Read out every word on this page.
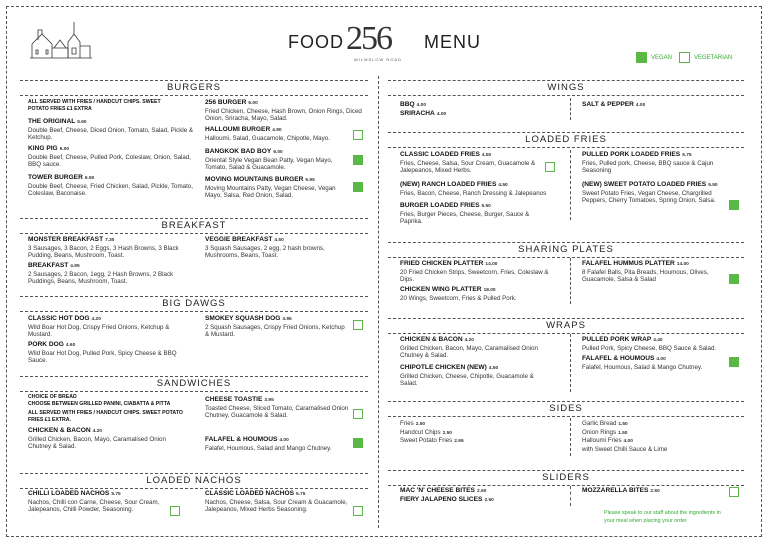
FOOD 256
WILMSLOW ROAD
MENU
VEGAN	VEGETARIAN
BURGERS
ALL SERVED WITH FRIES / HANDCUT CHIPS. SWEET POTATO FRIES £1 EXTRA
THE ORIGINAL 5.60
Double Beef, Cheese, Diced Onion, Tomato, Salad, Pickle & Ketchup.
KING PIG 6.00
Double Beef, Cheese, Pulled Pork, Coleslaw, Onion, Salad, BBQ sauce.
TOWER BURGER 6.50
Double Beef, Cheese, Fried Chicken, Salad, Pickle, Tomato, Coleslaw, Baconaise.
256 BURGER 6.00
Fried Chicken, Cheese, Hash Brown, Onion Rings, Diced Onion, Sriracha, Mayo, Salad.
HALLOUMI BURGER 4.90
Halloumi, Salad, Guacamole, Chipotle, Mayo.
BANGKOK BAD BOY 6.00
Oriental Style Vegan Bean Patty, Vegan Mayo, Tomato, Salad & Guacamole.
MOVING MOUNTAINS BURGER 5.95
Moving Mountains Patty, Vegan Cheese, Vegan Mayo, Salsa, Red Onion, Salad.
BREAKFAST
MONSTER BREAKFAST 7.30
3 Sausages, 3 Bacon, 2 Eggs, 3 Hash Browns, 3 Black Pudding, Beans, Mushroom, Toast.
BREAKFAST 4.95
2 Sausages, 2 Bacon, 1egg, 2 Hash Browns, 2 Black Puddings, Beans, Mushroom, Toast.
VEGGIE BREAKFAST 4.50
3 Squash Sausages, 2 egg, 2 hash browns, Mushrooms, Beans, Toast.
BIG DAWGS
CLASSIC HOT DOG 4.20
Wild Boar Hot Dog, Crispy Fried Onions, Ketchup & Mustard.
PORK DOG 4.60
Wild Boar Hot Dog, Pulled Pork, Spicy Cheese & BBQ Sauce.
SMOKEY SQUASH DOG 3.95
2 Squash Sausages, Crispy Fried Onions, Ketchup & Mustard.
SANDWICHES
CHOICE OF BREAD
CHOOSE BETWEEN GRILLED PANINI, CIABATTA & PITTA
ALL SERVED WITH FRIES / HANDCUT CHIPS. SWEET POTATO FRIES £1 EXTRA.
CHICKEN & BACON 4.20
Grilled Chicken, Bacon, Mayo, Caramalised Onion Chutney & Salad.
CHEESE TOASTIE 3.95
Toasted Cheese, Sliced Tomato, Caramalised Onion Chutney, Guacamole & Salad.
FALAFEL & HOUMOUS 4.00
Falafel, Houmous, Salad and Mango Chutney.
LOADED NACHOS
CHILLI LOADED NACHOS 5.75
Nachos, Chilli con Carne, Cheese, Sour Cream, Jalepeanos, Chilli Powder, Seasoning.
CLASSIC LOADED NACHOS 5.75
Nachos, Cheese, Salsa, Sour Cream & Guacamole, Jalepeanos, Mixed Herbs Seasoning.
WINGS
BBQ 4.00
SRIRACHA 4.00
SALT & PEPPER 4.00
LOADED FRIES
CLASSIC LOADED FRIES 4.50
Fries, Cheese, Salsa, Sour Cream, Guacamole & Jalepeanos, Mixed Herbs.
(NEW) RANCH LOADED FRIES 4.50
Fries, Bacon, Cheese, Ranch Dressing & Jalepeanos
BURGER LOADED FRIES 5.50
Fries, Burger Pieces, Cheese, Burger, Sauce & Paprika.
PULLED PORK LOADED FRIES 5.75
Fries, Pulled pork, Cheese, BBQ sauce & Cajun Seasoning
(NEW) SWEET POTATO LOADED FRIES 5.50
Sweet Potato Fries, Vegan Cheese, Chargrilled Peppers, Cherry Tomatoes, Spring Onion, Salsa.
SHARING PLATES
FRIED CHICKEN PLATTER 14.00
20 Fried Chicken Strips, Sweetcorn, Fries, Coleslaw & Dips.
CHICKEN WING PLATTER 18.00
20 Wings, Sweetcorn, Fries & Pulled Pork.
FALAFEL HUMMUS PLATTER 14.00
8 Falafel Balls, Pita Breads, Houmous, Olives, Guacamole, Salsa & Salad
WRAPS
CHICKEN & BACON 4.20
Grilled Chicken, Bacon, Mayo, Caramalised Onion Chutney & Salad.
CHIPOTLE CHICKEN (NEW) 4.50
Grilled Chicken, Cheese, Chipotle, Guacamole & Salad.
PULLED PORK WRAP 4.40
Pulled Pork, Spicy Cheese, BBQ Sauce & Salad.
FALAFEL & HOUMOUS 4.00
Falafel, Houmous, Salad & Mango Chutney.
SIDES
Fries 2.50
Handcut Chips 2.50
Sweet Potato Fries 2.95
Garlic Bread 1.50
Onion Rings 1.50
Halloumi Fries 4.00
with Sweet Chilli Sauce & Lime
SLIDERS
MAC 'N' CHEESE BITES 2.50
FIERY JALAPENO SLICES 2.50
MOZZARELLA BITES 2.50
Please speak to our staff about the ingredients in
your meal when placing your order
